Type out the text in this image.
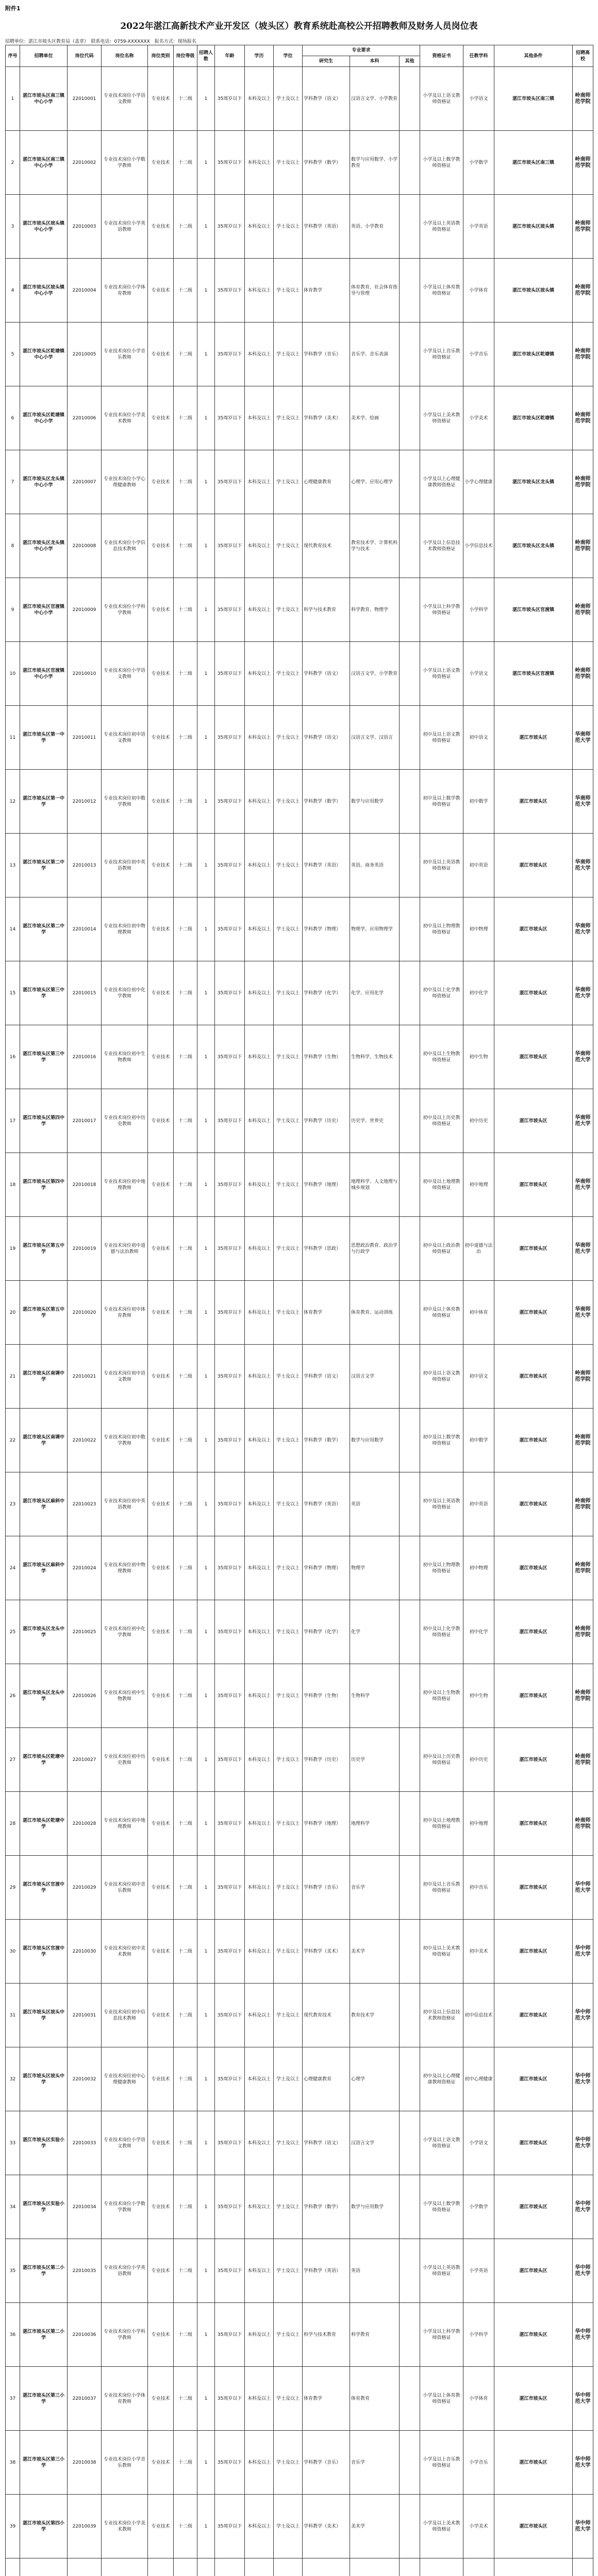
附件1
2022年湛江高新技术产业开发区（坡头区）教育系统赴高校公开招聘教师及财务人员岗位表
招聘单位：湛江市坡头区教育局（盖章）　联系电话：0759-XXXXXXX　报名方式：现场报名
序号	招聘单位	岗位代码	岗位名称	岗位类别	岗位等级	招聘人数	年龄	学历	学位	专业要求			资格证书	任教学科	其他条件	招聘高校
										研究生	本科	其他				
1	湛江市坡头区南三镇中心小学	22010001	专业技术岗位小学语文教师	专业技术	十二级	1	35周岁以下	本科及以上	学士及以上	学科教学（语文）	汉语言文学、小学教育		小学及以上语文教师资格证	小学语文	湛江市坡头区南三镇	岭南师范学院
2	湛江市坡头区南三镇中心小学	22010002	专业技术岗位小学数学教师	专业技术	十二级	1	35周岁以下	本科及以上	学士及以上	学科教学（数学）	数学与应用数学、小学教育		小学及以上数学教师资格证	小学数学	湛江市坡头区南三镇	岭南师范学院
3	湛江市坡头区坡头镇中心小学	22010003	专业技术岗位小学英语教师	专业技术	十二级	1	35周岁以下	本科及以上	学士及以上	学科教学（英语）	英语、小学教育		小学及以上英语教师资格证	小学英语	湛江市坡头区坡头镇	岭南师范学院
4	湛江市坡头区坡头镇中心小学	22010004	专业技术岗位小学体育教师	专业技术	十二级	1	35周岁以下	本科及以上	学士及以上	体育教学	体育教育、社会体育指导与管理		小学及以上体育教师资格证	小学体育	湛江市坡头区坡头镇	岭南师范学院
5	湛江市坡头区乾塘镇中心小学	22010005	专业技术岗位小学音乐教师	专业技术	十二级	1	35周岁以下	本科及以上	学士及以上	学科教学（音乐）	音乐学、音乐表演		小学及以上音乐教师资格证	小学音乐	湛江市坡头区乾塘镇	岭南师范学院
6	湛江市坡头区乾塘镇中心小学	22010006	专业技术岗位小学美术教师	专业技术	十二级	1	35周岁以下	本科及以上	学士及以上	学科教学（美术）	美术学、绘画		小学及以上美术教师资格证	小学美术	湛江市坡头区乾塘镇	岭南师范学院
7	湛江市坡头区龙头镇中心小学	22010007	专业技术岗位小学心理健康教师	专业技术	十二级	1	35周岁以下	本科及以上	学士及以上	心理健康教育	心理学、应用心理学		小学及以上心理健康教师资格证	小学心理健康	湛江市坡头区龙头镇	岭南师范学院
8	湛江市坡头区龙头镇中心小学	22010008	专业技术岗位小学信息技术教师	专业技术	十二级	1	35周岁以下	本科及以上	学士及以上	现代教育技术	教育技术学、计算机科学与技术		小学及以上信息技术教师资格证	小学信息技术	湛江市坡头区龙头镇	岭南师范学院
9	湛江市坡头区官渡镇中心小学	22010009	专业技术岗位小学科学教师	专业技术	十二级	1	35周岁以下	本科及以上	学士及以上	科学与技术教育	科学教育、物理学		小学及以上科学教师资格证	小学科学	湛江市坡头区官渡镇	岭南师范学院
10	湛江市坡头区官渡镇中心小学	22010010	专业技术岗位小学语文教师	专业技术	十二级	1	35周岁以下	本科及以上	学士及以上	学科教学（语文）	汉语言文学、小学教育		小学及以上语文教师资格证	小学语文	湛江市坡头区官渡镇	岭南师范学院
11	湛江市坡头区第一中学	22010011	专业技术岗位初中语文教师	专业技术	十二级	1	35周岁以下	本科及以上	学士及以上	学科教学（语文）	汉语言文学、汉语言		初中及以上语文教师资格证	初中语文	湛江市坡头区	华南师范大学
12	湛江市坡头区第一中学	22010012	专业技术岗位初中数学教师	专业技术	十二级	1	35周岁以下	本科及以上	学士及以上	学科教学（数学）	数学与应用数学		初中及以上数学教师资格证	初中数学	湛江市坡头区	华南师范大学
13	湛江市坡头区第二中学	22010013	专业技术岗位初中英语教师	专业技术	十二级	1	35周岁以下	本科及以上	学士及以上	学科教学（英语）	英语、商务英语		初中及以上英语教师资格证	初中英语	湛江市坡头区	华南师范大学
14	湛江市坡头区第二中学	22010014	专业技术岗位初中物理教师	专业技术	十二级	1	35周岁以下	本科及以上	学士及以上	学科教学（物理）	物理学、应用物理学		初中及以上物理教师资格证	初中物理	湛江市坡头区	华南师范大学
15	湛江市坡头区第三中学	22010015	专业技术岗位初中化学教师	专业技术	十二级	1	35周岁以下	本科及以上	学士及以上	学科教学（化学）	化学、应用化学		初中及以上化学教师资格证	初中化学	湛江市坡头区	华南师范大学
16	湛江市坡头区第三中学	22010016	专业技术岗位初中生物教师	专业技术	十二级	1	35周岁以下	本科及以上	学士及以上	学科教学（生物）	生物科学、生物技术		初中及以上生物教师资格证	初中生物	湛江市坡头区	华南师范大学
17	湛江市坡头区第四中学	22010017	专业技术岗位初中历史教师	专业技术	十二级	1	35周岁以下	本科及以上	学士及以上	学科教学（历史）	历史学、世界史		初中及以上历史教师资格证	初中历史	湛江市坡头区	华南师范大学
18	湛江市坡头区第四中学	22010018	专业技术岗位初中地理教师	专业技术	十二级	1	35周岁以下	本科及以上	学士及以上	学科教学（地理）	地理科学、人文地理与城乡规划		初中及以上地理教师资格证	初中地理	湛江市坡头区	华南师范大学
19	湛江市坡头区第五中学	22010019	专业技术岗位初中道德与法治教师	专业技术	十二级	1	35周岁以下	本科及以上	学士及以上	学科教学（思政）	思想政治教育、政治学与行政学		初中及以上政治教师资格证	初中道德与法治	湛江市坡头区	华南师范大学
20	湛江市坡头区第五中学	22010020	专业技术岗位初中体育教师	专业技术	十二级	1	35周岁以下	本科及以上	学士及以上	体育教学	体育教育、运动训练		初中及以上体育教师资格证	初中体育	湛江市坡头区	华南师范大学
21	湛江市坡头区南调中学	22010021	专业技术岗位初中语文教师	专业技术	十二级	1	35周岁以下	本科及以上	学士及以上	学科教学（语文）	汉语言文学		初中及以上语文教师资格证	初中语文	湛江市坡头区	岭南师范学院
22	湛江市坡头区南调中学	22010022	专业技术岗位初中数学教师	专业技术	十二级	1	35周岁以下	本科及以上	学士及以上	学科教学（数学）	数学与应用数学		初中及以上数学教师资格证	初中数学	湛江市坡头区	岭南师范学院
23	湛江市坡头区麻斜中学	22010023	专业技术岗位初中英语教师	专业技术	十二级	1	35周岁以下	本科及以上	学士及以上	学科教学（英语）	英语		初中及以上英语教师资格证	初中英语	湛江市坡头区	岭南师范学院
24	湛江市坡头区麻斜中学	22010024	专业技术岗位初中物理教师	专业技术	十二级	1	35周岁以下	本科及以上	学士及以上	学科教学（物理）	物理学		初中及以上物理教师资格证	初中物理	湛江市坡头区	岭南师范学院
25	湛江市坡头区龙头中学	22010025	专业技术岗位初中化学教师	专业技术	十二级	1	35周岁以下	本科及以上	学士及以上	学科教学（化学）	化学		初中及以上化学教师资格证	初中化学	湛江市坡头区	岭南师范学院
26	湛江市坡头区龙头中学	22010026	专业技术岗位初中生物教师	专业技术	十二级	1	35周岁以下	本科及以上	学士及以上	学科教学（生物）	生物科学		初中及以上生物教师资格证	初中生物	湛江市坡头区	岭南师范学院
27	湛江市坡头区乾塘中学	22010027	专业技术岗位初中历史教师	专业技术	十二级	1	35周岁以下	本科及以上	学士及以上	学科教学（历史）	历史学		初中及以上历史教师资格证	初中历史	湛江市坡头区	岭南师范学院
28	湛江市坡头区乾塘中学	22010028	专业技术岗位初中地理教师	专业技术	十二级	1	35周岁以下	本科及以上	学士及以上	学科教学（地理）	地理科学		初中及以上地理教师资格证	初中地理	湛江市坡头区	岭南师范学院
29	湛江市坡头区官渡中学	22010029	专业技术岗位初中音乐教师	专业技术	十二级	1	35周岁以下	本科及以上	学士及以上	学科教学（音乐）	音乐学		初中及以上音乐教师资格证	初中音乐	湛江市坡头区	华中师范大学
30	湛江市坡头区官渡中学	22010030	专业技术岗位初中美术教师	专业技术	十二级	1	35周岁以下	本科及以上	学士及以上	学科教学（美术）	美术学		初中及以上美术教师资格证	初中美术	湛江市坡头区	华中师范大学
31	湛江市坡头区坡头中学	22010031	专业技术岗位初中信息技术教师	专业技术	十二级	1	35周岁以下	本科及以上	学士及以上	现代教育技术	教育技术学		初中及以上信息技术教师资格证	初中信息技术	湛江市坡头区	华中师范大学
32	湛江市坡头区坡头中学	22010032	专业技术岗位初中心理健康教师	专业技术	十二级	1	35周岁以下	本科及以上	学士及以上	心理健康教育	心理学		初中及以上心理健康教师资格证	初中心理健康	湛江市坡头区	华中师范大学
33	湛江市坡头区实验小学	22010033	专业技术岗位小学语文教师	专业技术	十二级	1	35周岁以下	本科及以上	学士及以上	学科教学（语文）	汉语言文学		小学及以上语文教师资格证	小学语文	湛江市坡头区	华中师范大学
34	湛江市坡头区实验小学	22010034	专业技术岗位小学数学教师	专业技术	十二级	1	35周岁以下	本科及以上	学士及以上	学科教学（数学）	数学与应用数学		小学及以上数学教师资格证	小学数学	湛江市坡头区	华中师范大学
35	湛江市坡头区第二小学	22010035	专业技术岗位小学英语教师	专业技术	十二级	1	35周岁以下	本科及以上	学士及以上	学科教学（英语）	英语		小学及以上英语教师资格证	小学英语	湛江市坡头区	华中师范大学
36	湛江市坡头区第二小学	22010036	专业技术岗位小学科学教师	专业技术	十二级	1	35周岁以下	本科及以上	学士及以上	科学与技术教育	科学教育		小学及以上科学教师资格证	小学科学	湛江市坡头区	华中师范大学
37	湛江市坡头区第三小学	22010037	专业技术岗位小学体育教师	专业技术	十二级	1	35周岁以下	本科及以上	学士及以上	体育教学	体育教育		小学及以上体育教师资格证	小学体育	湛江市坡头区	华中师范大学
38	湛江市坡头区第三小学	22010038	专业技术岗位小学音乐教师	专业技术	十二级	1	35周岁以下	本科及以上	学士及以上	学科教学（音乐）	音乐学		小学及以上音乐教师资格证	小学音乐	湛江市坡头区	华中师范大学
39	湛江市坡头区第四小学	22010039	专业技术岗位小学美术教师	专业技术	十二级	1	35周岁以下	本科及以上	学士及以上	学科教学（美术）	美术学		小学及以上美术教师资格证	小学美术	湛江市坡头区	华中师范大学
